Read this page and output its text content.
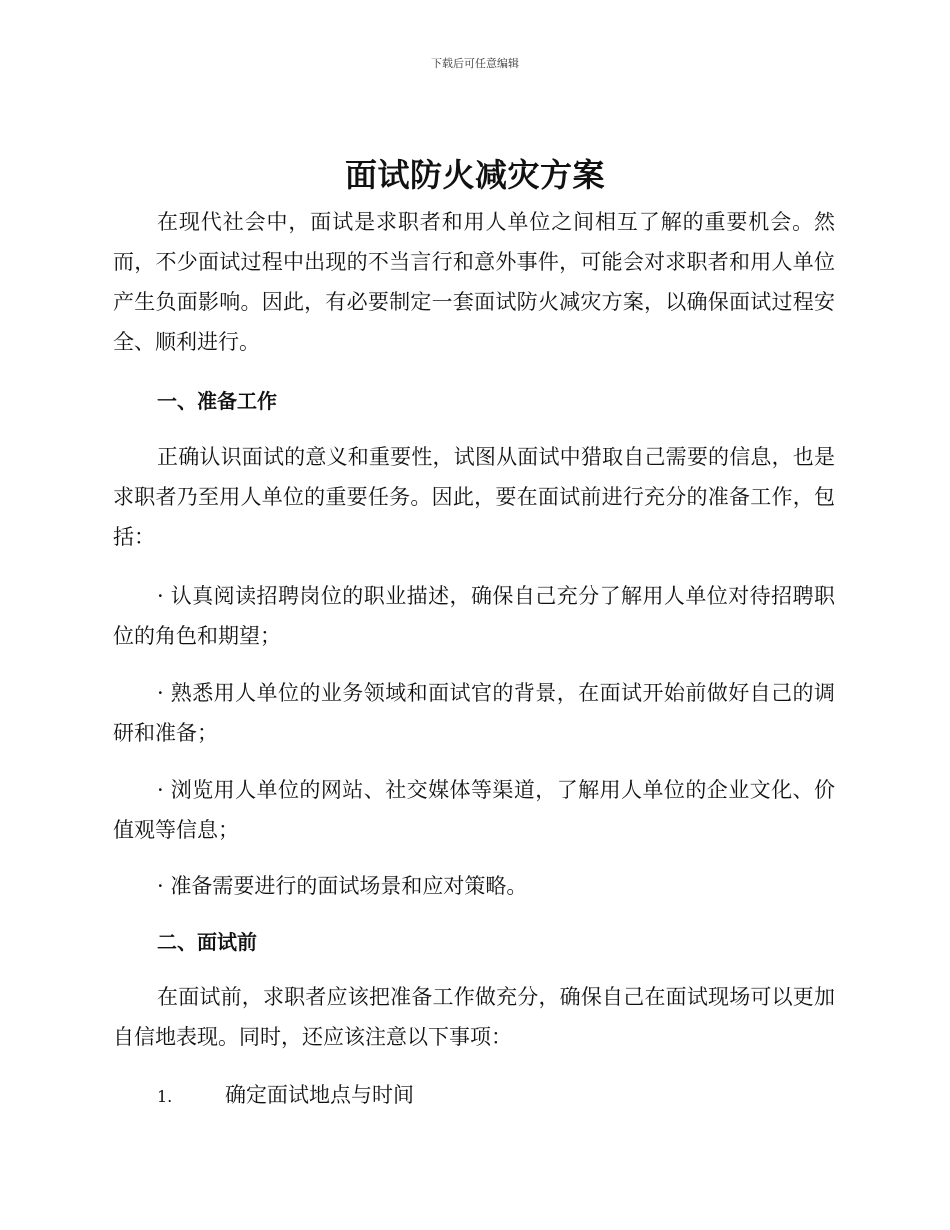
下载后可任意编辑
面试防火减灾方案

在现代社会中，面试是求职者和用人单位之间相互了解的重要机会。然而，不少面试过程中出现的不当言行和意外事件，可能会对求职者和用人单位产生负面影响。因此，有必要制定一套面试防火减灾方案，以确保面试过程安全、顺利进行。

一、准备工作

正确认识面试的意义和重要性，试图从面试中猎取自己需要的信息，也是求职者乃至用人单位的重要任务。因此，要在面试前进行充分的准备工作，包括：

· 认真阅读招聘岗位的职业描述，确保自己充分了解用人单位对待招聘职位的角色和期望；

· 熟悉用人单位的业务领域和面试官的背景，在面试开始前做好自己的调研和准备；

· 浏览用人单位的网站、社交媒体等渠道，了解用人单位的企业文化、价值观等信息；

· 准备需要进行的面试场景和应对策略。

二、面试前

在面试前，求职者应该把准备工作做充分，确保自己在面试现场可以更加自信地表现。同时，还应该注意以下事项：

1.	确定面试地点与时间
